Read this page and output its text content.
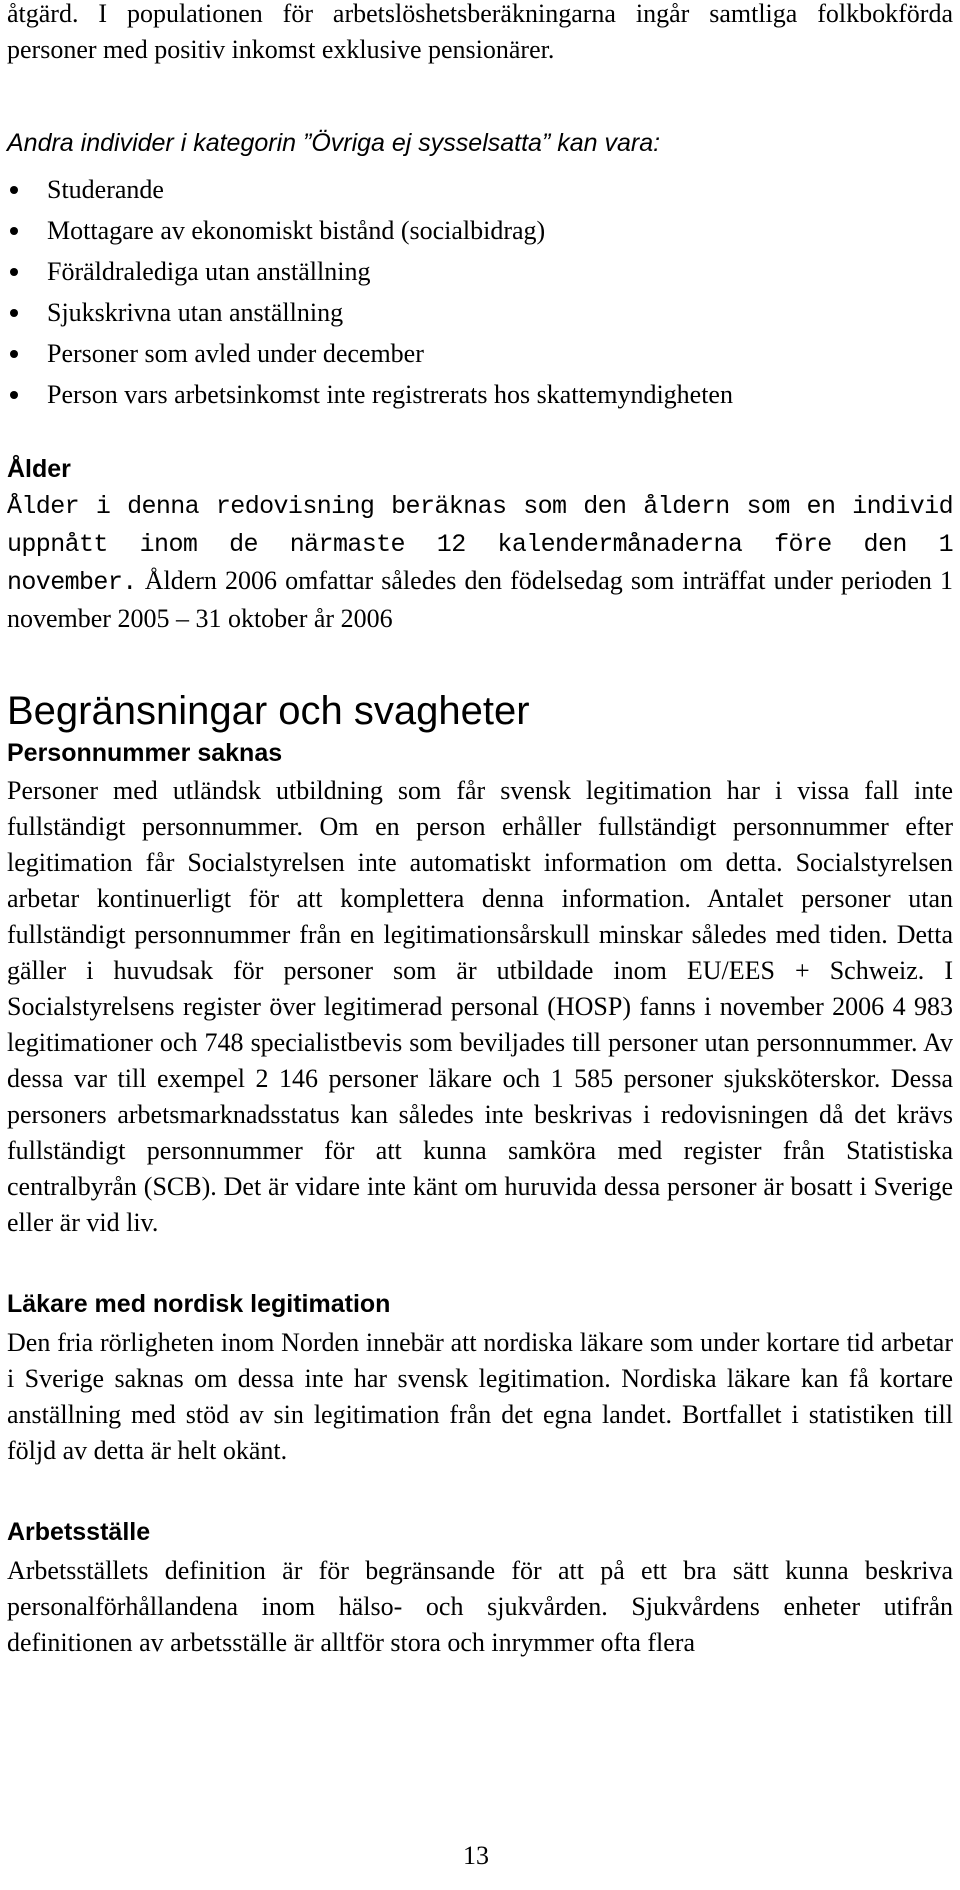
åtgärd. I populationen för arbetslöshetsberäkningarna ingår samtliga folkbokförda personer med positiv inkomst exklusive pensionärer.

Andra individer i kategorin ”Övriga ej sysselsatta” kan vara:

Studerande
Mottagare av ekonomiskt bistånd (socialbidrag)
Föräldralediga utan anställning
Sjukskrivna utan anställning
Personer som avled under december
Person vars arbetsinkomst inte registrerats hos skattemyndigheten
Ålder

Ålder i denna redovisning beräknas som den åldern som en individ uppnått inom de närmaste 12 kalendermånaderna före den 1 november. Åldern 2006 omfattar således den födelsedag som inträffat under perioden 1 november 2005 – 31 oktober år 2006

Begränsningar och svagheter
Personnummer saknas

Personer med utländsk utbildning som får svensk legitimation har i vissa fall inte fullständigt personnummer. Om en person erhåller fullständigt personnummer efter legitimation får Socialstyrelsen inte automatiskt information om detta. Socialstyrelsen arbetar kontinuerligt för att komplettera denna information. Antalet personer utan fullständigt personnummer från en legitimationsårskull minskar således med tiden. Detta gäller i huvudsak för personer som är utbildade inom EU/EES + Schweiz. I Socialstyrelsens register över legitimerad personal (HOSP) fanns i november 2006 4 983 legitimationer och 748 specialistbevis som beviljades till personer utan personnummer. Av dessa var till exempel 2 146 personer läkare och 1 585 personer sjuksköterskor. Dessa personers arbetsmarknadsstatus kan således inte beskrivas i redovisningen då det krävs fullständigt personnummer för att kunna samköra med register från Statistiska centralbyrån (SCB). Det är vidare inte känt om huruvida dessa personer är bosatt i Sverige eller är vid liv.

Läkare med nordisk legitimation

Den fria rörligheten inom Norden innebär att nordiska läkare som under kortare tid arbetar i Sverige saknas om dessa inte har svensk legitimation. Nordiska läkare kan få kortare anställning med stöd av sin legitimation från det egna landet. Bortfallet i statistiken till följd av detta är helt okänt.

Arbetsställe

Arbetsställets definition är för begränsande för att på ett bra sätt kunna beskriva personalförhållandena inom hälso- och sjukvården. Sjukvårdens enheter utifrån definitionen av arbetsställe är alltför stora och inrymmer ofta flera

13
